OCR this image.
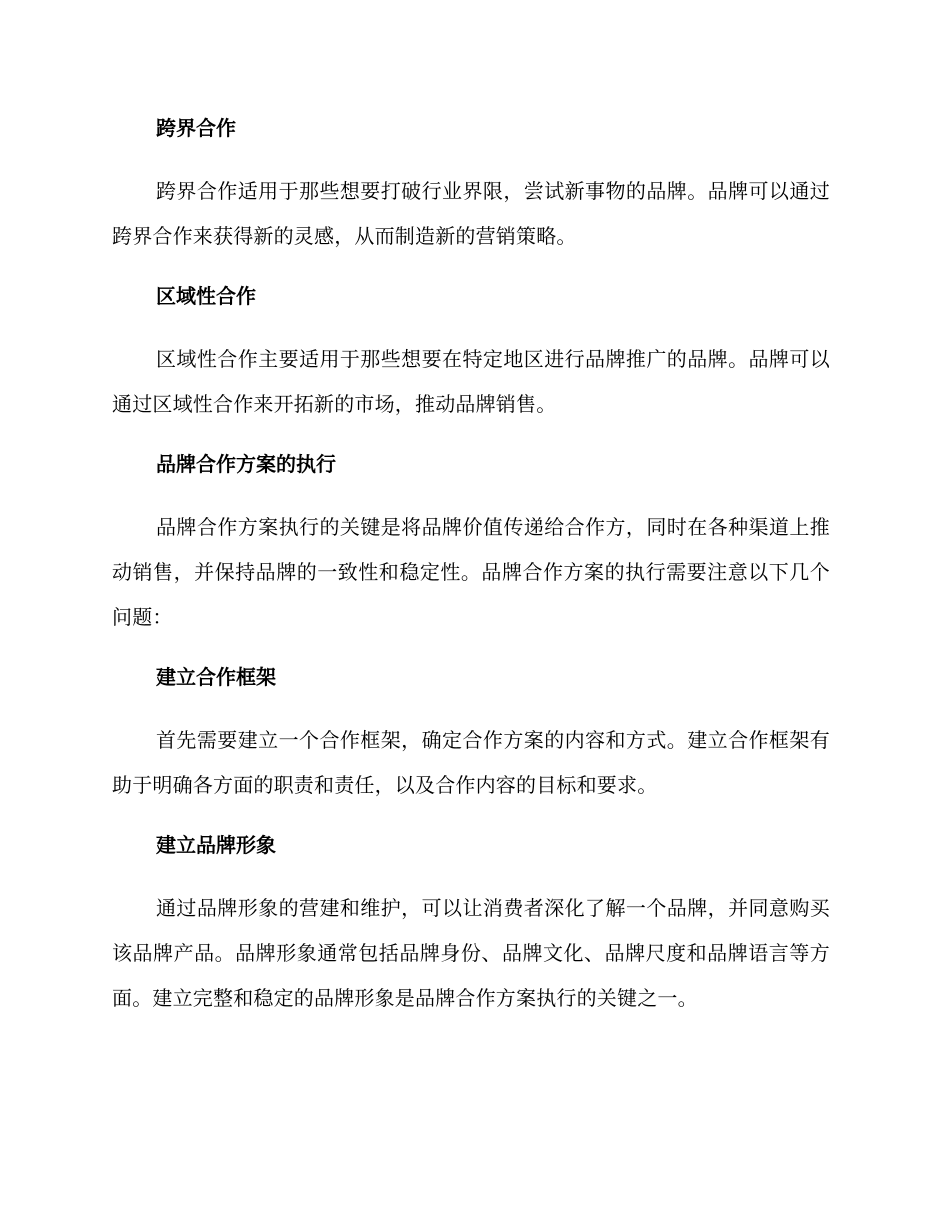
跨界合作

跨界合作适用于那些想要打破行业界限，尝试新事物的品牌。品牌可以通过跨界合作来获得新的灵感，从而制造新的营销策略。

区域性合作

区域性合作主要适用于那些想要在特定地区进行品牌推广的品牌。品牌可以通过区域性合作来开拓新的市场，推动品牌销售。

品牌合作方案的执行

品牌合作方案执行的关键是将品牌价值传递给合作方，同时在各种渠道上推动销售，并保持品牌的一致性和稳定性。品牌合作方案的执行需要注意以下几个问题：

建立合作框架

首先需要建立一个合作框架，确定合作方案的内容和方式。建立合作框架有助于明确各方面的职责和责任，以及合作内容的目标和要求。

建立品牌形象

通过品牌形象的营建和维护，可以让消费者深化了解一个品牌，并同意购买该品牌产品。品牌形象通常包括品牌身份、品牌文化、品牌尺度和品牌语言等方面。建立完整和稳定的品牌形象是品牌合作方案执行的关键之一。
